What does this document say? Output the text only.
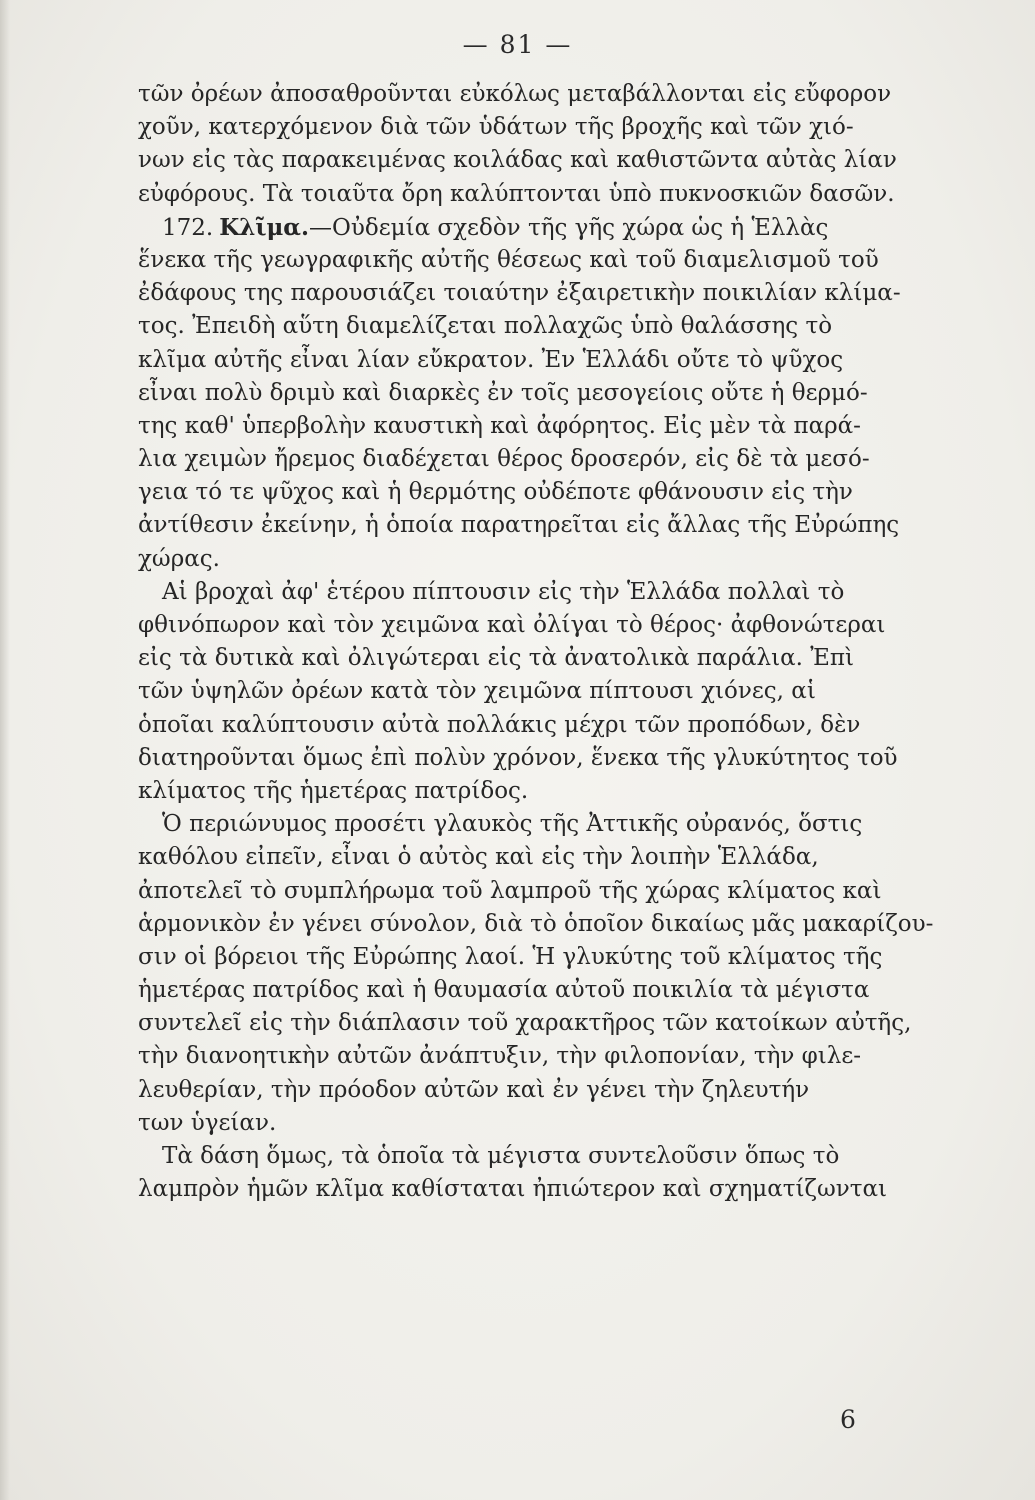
— 81 —
τῶν ὀρέων ἀποσαθροῦνται εὐκόλως μεταβάλλονται εἰς εὔφορον
χοῦν, κατερχόμενον διὰ τῶν ὑδάτων τῆς βροχῆς καὶ τῶν χιό-
νων εἰς τὰς παρακειμένας κοιλάδας καὶ καθιστῶντα αὐτὰς λίαν
εὐφόρους. Τὰ τοιαῦτα ὄρη καλύπτονται ὑπὸ πυκνοσκιῶν δασῶν.
172. Κλῖμα.—Οὐδεμία σχεδὸν τῆς γῆς χώρα ὡς ἡ Ἑλλὰς
ἕνεκα τῆς γεωγραφικῆς αὐτῆς θέσεως καὶ τοῦ διαμελισμοῦ τοῦ
ἐδάφους της παρουσιάζει τοιαύτην ἐξαιρετικὴν ποικιλίαν κλίμα-
τος. Ἐπειδὴ αὕτη διαμελίζεται πολλαχῶς ὑπὸ θαλάσσης τὸ
κλῖμα αὐτῆς εἶναι λίαν εὔκρατον. Ἐν Ἑλλάδι οὔτε τὸ ψῦχος
εἶναι πολὺ δριμὺ καὶ διαρκὲς ἐν τοῖς μεσογείοις οὔτε ἡ θερμό-
της καθ' ὑπερβολὴν καυστικὴ καὶ ἀφόρητος. Εἰς μὲν τὰ παρά-
λια χειμὼν ἤρεμος διαδέχεται θέρος δροσερόν, εἰς δὲ τὰ μεσό-
γεια τό τε ψῦχος καὶ ἡ θερμότης οὐδέποτε φθάνουσιν εἰς τὴν
ἀντίθεσιν ἐκείνην, ἡ ὁποία παρατηρεῖται εἰς ἄλλας τῆς Εὐρώπης
χώρας.
Αἱ βροχαὶ ἀφ' ἑτέρου πίπτουσιν εἰς τὴν Ἑλλάδα πολλαὶ τὸ
φθινόπωρον καὶ τὸν χειμῶνα καὶ ὀλίγαι τὸ θέρος· ἀφθονώτεραι
εἰς τὰ δυτικὰ καὶ ὀλιγώτεραι εἰς τὰ ἀνατολικὰ παράλια. Ἐπὶ
τῶν ὑψηλῶν ὀρέων κατὰ τὸν χειμῶνα πίπτουσι χιόνες, αἱ
ὁποῖαι καλύπτουσιν αὐτὰ πολλάκις μέχρι τῶν προπόδων, δὲν
διατηροῦνται ὅμως ἐπὶ πολὺν χρόνον, ἕνεκα τῆς γλυκύτητος τοῦ
κλίματος τῆς ἡμετέρας πατρίδος.
Ὁ περιώνυμος προσέτι γλαυκὸς τῆς Ἀττικῆς οὐρανός, ὅστις
καθόλου εἰπεῖν, εἶναι ὁ αὐτὸς καὶ εἰς τὴν λοιπὴν Ἑλλάδα,
ἀποτελεῖ τὸ συμπλήρωμα τοῦ λαμπροῦ τῆς χώρας κλίματος καὶ
ἁρμονικὸν ἐν γένει σύνολον, διὰ τὸ ὁποῖον δικαίως μᾶς μακαρίζου-
σιν οἱ βόρειοι τῆς Εὐρώπης λαοί. Ἡ γλυκύτης τοῦ κλίματος τῆς
ἡμετέρας πατρίδος καὶ ἡ θαυμασία αὐτοῦ ποικιλία τὰ μέγιστα
συντελεῖ εἰς τὴν διάπλασιν τοῦ χαρακτῆρος τῶν κατοίκων αὐτῆς,
τὴν διανοητικὴν αὐτῶν ἀνάπτυξιν, τὴν φιλοπονίαν, τὴν φιλε-
λευθερίαν, τὴν πρόοδον αὐτῶν καὶ ἐν γένει τὴν ζηλευτήν
των ὑγείαν.
Τὰ δάση ὅμως, τὰ ὁποῖα τὰ μέγιστα συντελοῦσιν ὅπως τὸ
λαμπρὸν ἡμῶν κλῖμα καθίσταται ἠπιώτερον καὶ σχηματίζωνται
6
